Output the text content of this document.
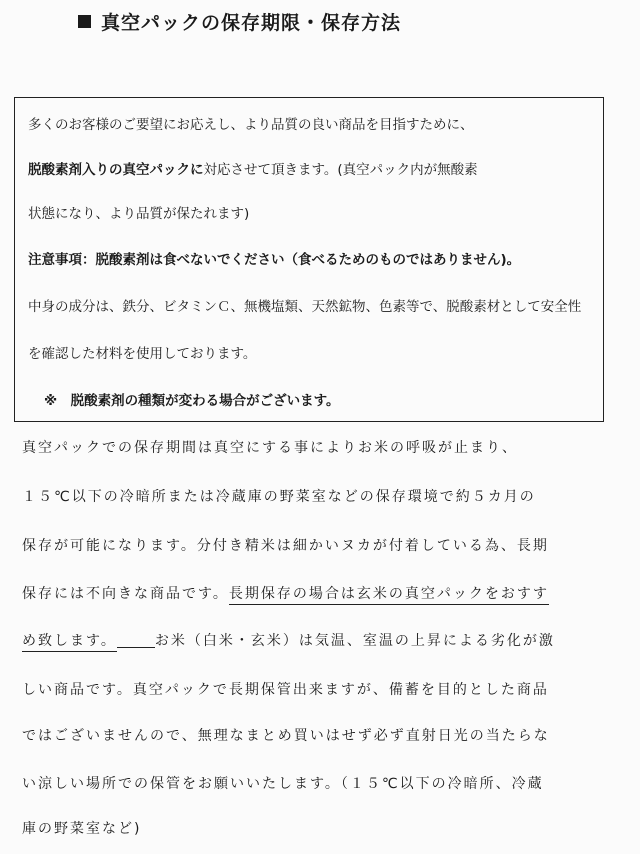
真空パックの保存期限・保存方法
多くのお客様のご要望にお応えし、より品質の良い商品を目指すために、
脱酸素剤入りの真空パックに対応させて頂きます。(真空パック内が無酸素
状態になり、より品質が保たれます)
注意事項：脱酸素剤は食べないでください（食べるためのものではありません)。
中身の成分は、鉄分、ビタミンＣ、無機塩類、天然鉱物、色素等で、脱酸素材として安全性
を確認した材料を使用しております。
※　脱酸素剤の種類が変わる場合がございます。
真空パックでの保存期間は真空にする事によりお米の呼吸が止まり、
１５℃以下の冷暗所または冷蔵庫の野菜室などの保存環境で約５カ月の
保存が可能になります。分付き精米は細かいヌカが付着している為、長期
保存には不向きな商品です。長期保存の場合は玄米の真空パックをおすす
め致します。	お米（白米・玄米）は気温、室温の上昇による劣化が激
しい商品です。真空パックで長期保管出来ますが、備蓄を目的とした商品
ではございませんので、無理なまとめ買いはせず必ず直射日光の当たらな
い涼しい場所での保管をお願いいたします。（１５℃以下の冷暗所、冷蔵
庫の野菜室など)
